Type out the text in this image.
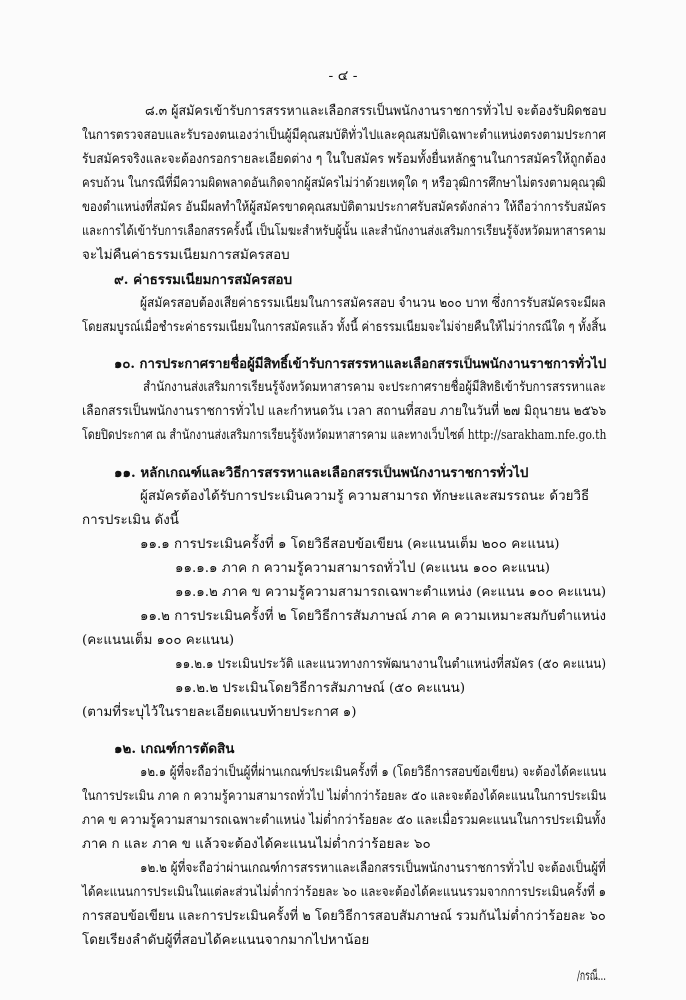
- ๔ -
๘.๓ ผู้สมัครเข้ารับการสรรหาและเลือกสรรเป็นพนักงานราชการทั่วไป จะต้องรับผิดชอบ
ในการตรวจสอบและรับรองตนเองว่าเป็นผู้มีคุณสมบัติทั่วไปและคุณสมบัติเฉพาะตำแหน่งตรงตามประกาศ
รับสมัครจริงและจะต้องกรอกรายละเอียดต่าง ๆ ในใบสมัคร พร้อมทั้งยื่นหลักฐานในการสมัครให้ถูกต้อง
ครบถ้วน ในกรณีที่มีความผิดพลาดอันเกิดจากผู้สมัครไม่ว่าด้วยเหตุใด ๆ หรือวุฒิการศึกษาไม่ตรงตามคุณวุฒิ
ของตำแหน่งที่สมัคร อันมีผลทำให้ผู้สมัครขาดคุณสมบัติตามประกาศรับสมัครดังกล่าว ให้ถือว่าการรับสมัคร
และการได้เข้ารับการเลือกสรรครั้งนี้ เป็นโมฆะสำหรับผู้นั้น และสำนักงานส่งเสริมการเรียนรู้จังหวัดมหาสารคาม
จะไม่คืนค่าธรรมเนียมการสมัครสอบ
๙. ค่าธรรมเนียมการสมัครสอบ
ผู้สมัครสอบต้องเสียค่าธรรมเนียมในการสมัครสอบ จำนวน ๒๐๐ บาท ซึ่งการรับสมัครจะมีผล
โดยสมบูรณ์เมื่อชำระค่าธรรมเนียมในการสมัครแล้ว ทั้งนี้ ค่าธรรมเนียมจะไม่จ่ายคืนให้ไม่ว่ากรณีใด ๆ ทั้งสิ้น
๑๐. การประกาศรายชื่อผู้มีสิทธิ์เข้ารับการสรรหาและเลือกสรรเป็นพนักงานราชการทั่วไป
สำนักงานส่งเสริมการเรียนรู้จังหวัดมหาสารคาม จะประกาศรายชื่อผู้มีสิทธิเข้ารับการสรรหาและ
เลือกสรรเป็นพนักงานราชการทั่วไป และกำหนดวัน เวลา สถานที่สอบ ภายในวันที่ ๒๗ มิถุนายน ๒๕๖๖
โดยปิดประกาศ ณ สำนักงานส่งเสริมการเรียนรู้จังหวัดมหาสารคาม และทางเว็บไซต์ http://sarakham.nfe.go.th
๑๑. หลักเกณฑ์และวิธีการสรรหาและเลือกสรรเป็นพนักงานราชการทั่วไป
ผู้สมัครต้องได้รับการประเมินความรู้ ความสามารถ ทักษะและสมรรถนะ ด้วยวิธี
การประเมิน ดังนี้
๑๑.๑ การประเมินครั้งที่ ๑ โดยวิธีสอบข้อเขียน (คะแนนเต็ม ๒๐๐ คะแนน)
๑๑.๑.๑ ภาค ก ความรู้ความสามารถทั่วไป (คะแนน ๑๐๐ คะแนน)
๑๑.๑.๒ ภาค ข ความรู้ความสามารถเฉพาะตำแหน่ง (คะแนน ๑๐๐ คะแนน)
๑๑.๒ การประเมินครั้งที่ ๒ โดยวิธีการสัมภาษณ์ ภาค ค ความเหมาะสมกับตำแหน่ง
(คะแนนเต็ม ๑๐๐ คะแนน)
๑๑.๒.๑ ประเมินประวัติ และแนวทางการพัฒนางานในตำแหน่งที่สมัคร (๕๐ คะแนน)
๑๑.๒.๒ ประเมินโดยวิธีการสัมภาษณ์ (๕๐ คะแนน)
(ตามที่ระบุไว้ในรายละเอียดแนบท้ายประกาศ ๑)
๑๒. เกณฑ์การตัดสิน
๑๒.๑ ผู้ที่จะถือว่าเป็นผู้ที่ผ่านเกณฑ์ประเมินครั้งที่ ๑ (โดยวิธีการสอบข้อเขียน) จะต้องได้คะแนน
ในการประเมิน ภาค ก ความรู้ความสามารถทั่วไป ไม่ต่ำกว่าร้อยละ ๕๐ และจะต้องได้คะแนนในการประเมิน
ภาค ข ความรู้ความสามารถเฉพาะตำแหน่ง ไม่ต่ำกว่าร้อยละ ๕๐ และเมื่อรวมคะแนนในการประเมินทั้ง
ภาค ก และ ภาค ข แล้วจะต้องได้คะแนนไม่ต่ำกว่าร้อยละ ๖๐
๑๒.๒ ผู้ที่จะถือว่าผ่านเกณฑ์การสรรหาและเลือกสรรเป็นพนักงานราชการทั่วไป จะต้องเป็นผู้ที่
ได้คะแนนการประเมินในแต่ละส่วนไม่ต่ำกว่าร้อยละ ๖๐ และจะต้องได้คะแนนรวมจากการประเมินครั้งที่ ๑
การสอบข้อเขียน และการประเมินครั้งที่ ๒ โดยวิธีการสอบสัมภาษณ์ รวมกันไม่ต่ำกว่าร้อยละ ๖๐
โดยเรียงลำดับผู้ที่สอบได้คะแนนจากมากไปหาน้อย
/กรณี...
